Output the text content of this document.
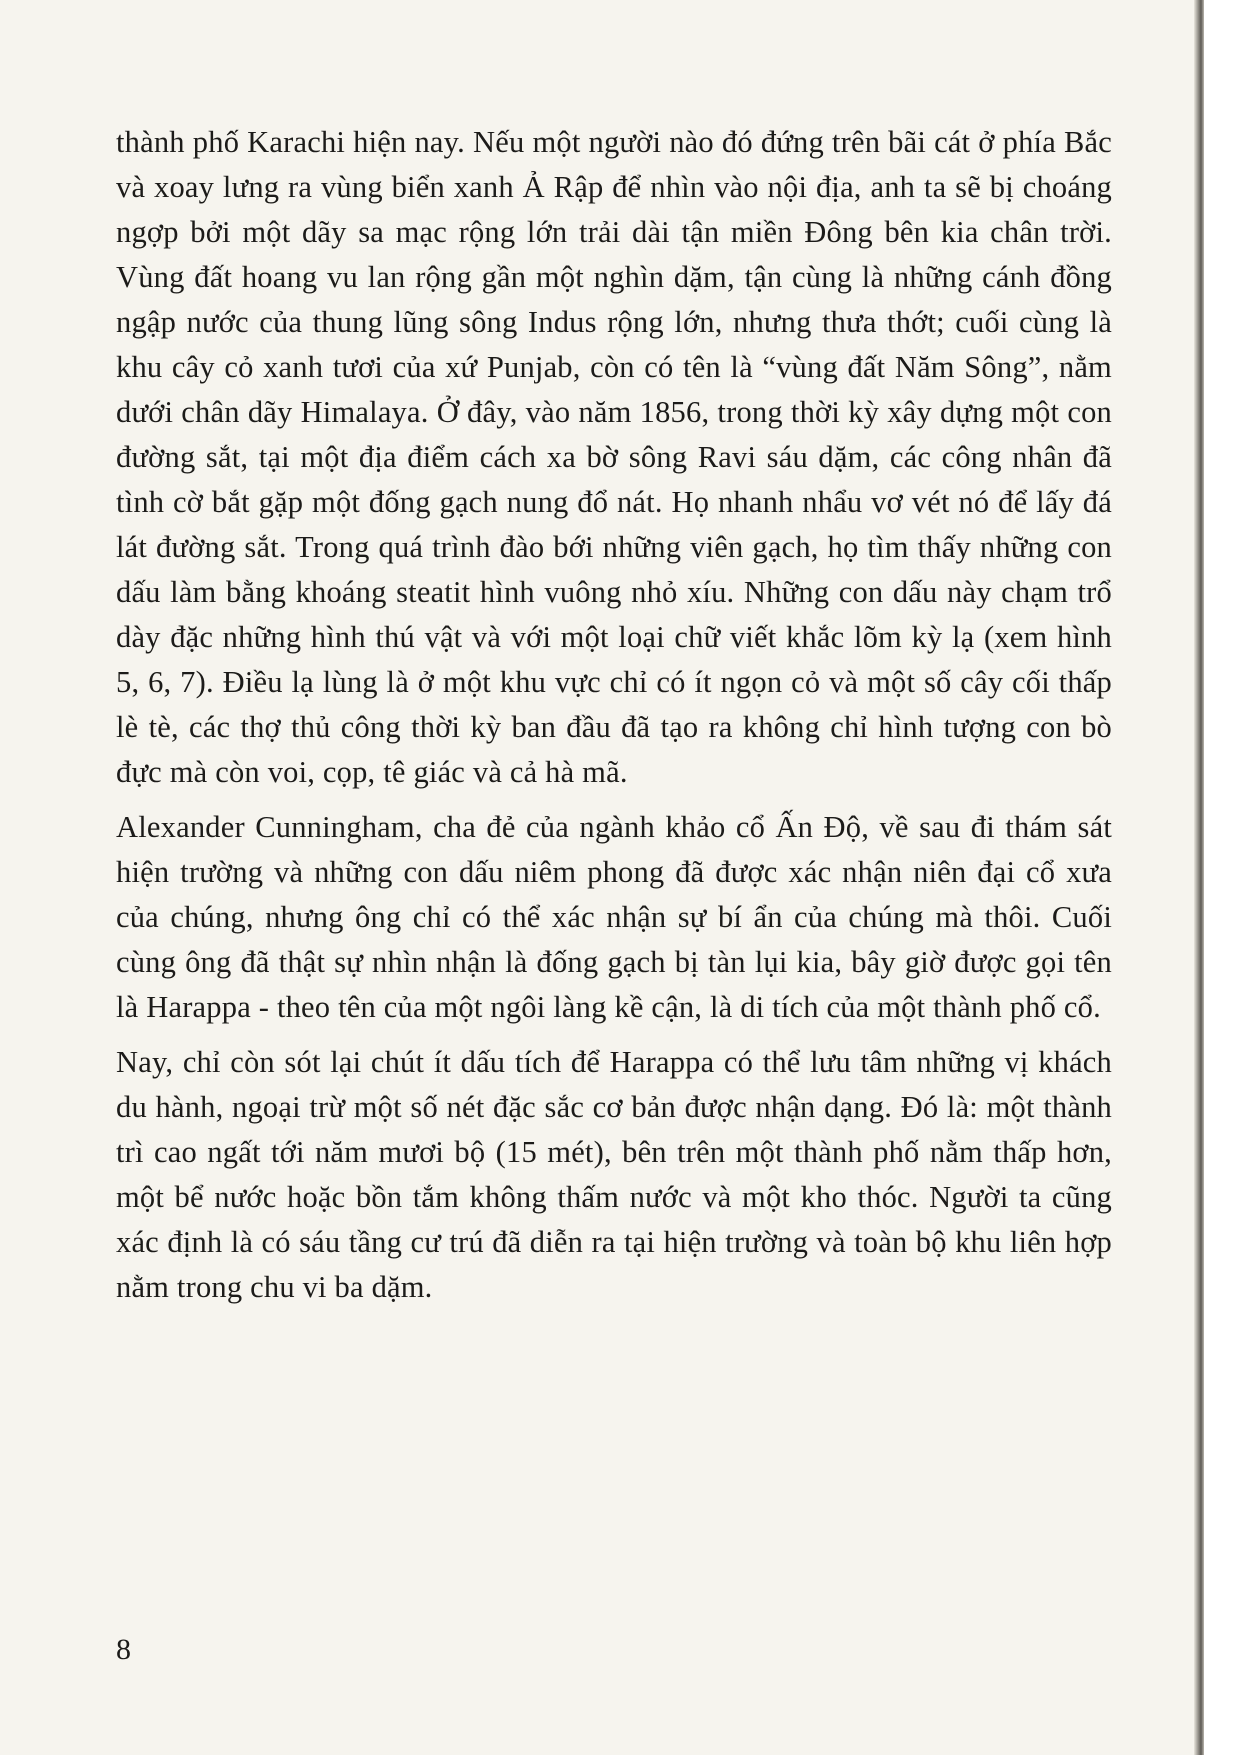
thành phố Karachi hiện nay. Nếu một người nào đó đứng trên bãi cát ở phía Bắc và xoay lưng ra vùng biển xanh Ả Rập để nhìn vào nội địa, anh ta sẽ bị choáng ngợp bởi một dãy sa mạc rộng lớn trải dài tận miền Đông bên kia chân trời. Vùng đất hoang vu lan rộng gần một nghìn dặm, tận cùng là những cánh đồng ngập nước của thung lũng sông Indus rộng lớn, nhưng thưa thớt; cuối cùng là khu cây cỏ xanh tươi của xứ Punjab, còn có tên là “vùng đất Năm Sông”, nằm dưới chân dãy Himalaya. Ở đây, vào năm 1856, trong thời kỳ xây dựng một con đường sắt, tại một địa điểm cách xa bờ sông Ravi sáu dặm, các công nhân đã tình cờ bắt gặp một đống gạch nung đổ nát. Họ nhanh nhẩu vơ vét nó để lấy đá lát đường sắt. Trong quá trình đào bới những viên gạch, họ tìm thấy những con dấu làm bằng khoáng steatit hình vuông nhỏ xíu. Những con dấu này chạm trổ dày đặc những hình thú vật và với một loại chữ viết khắc lõm kỳ lạ (xem hình 5, 6, 7). Điều lạ lùng là ở một khu vực chỉ có ít ngọn cỏ và một số cây cối thấp lè tè, các thợ thủ công thời kỳ ban đầu đã tạo ra không chỉ hình tượng con bò đực mà còn voi, cọp, tê giác và cả hà mã.

Alexander Cunningham, cha đẻ của ngành khảo cổ Ấn Độ, về sau đi thám sát hiện trường và những con dấu niêm phong đã được xác nhận niên đại cổ xưa của chúng, nhưng ông chỉ có thể xác nhận sự bí ẩn của chúng mà thôi. Cuối cùng ông đã thật sự nhìn nhận là đống gạch bị tàn lụi kia, bây giờ được gọi tên là Harappa - theo tên của một ngôi làng kề cận, là di tích của một thành phố cổ.

Nay, chỉ còn sót lại chút ít dấu tích để Harappa có thể lưu tâm những vị khách du hành, ngoại trừ một số nét đặc sắc cơ bản được nhận dạng. Đó là: một thành trì cao ngất tới năm mươi bộ (15 mét), bên trên một thành phố nằm thấp hơn, một bể nước hoặc bồn tắm không thấm nước và một kho thóc. Người ta cũng xác định là có sáu tầng cư trú đã diễn ra tại hiện trường và toàn bộ khu liên hợp nằm trong chu vi ba dặm.

8
